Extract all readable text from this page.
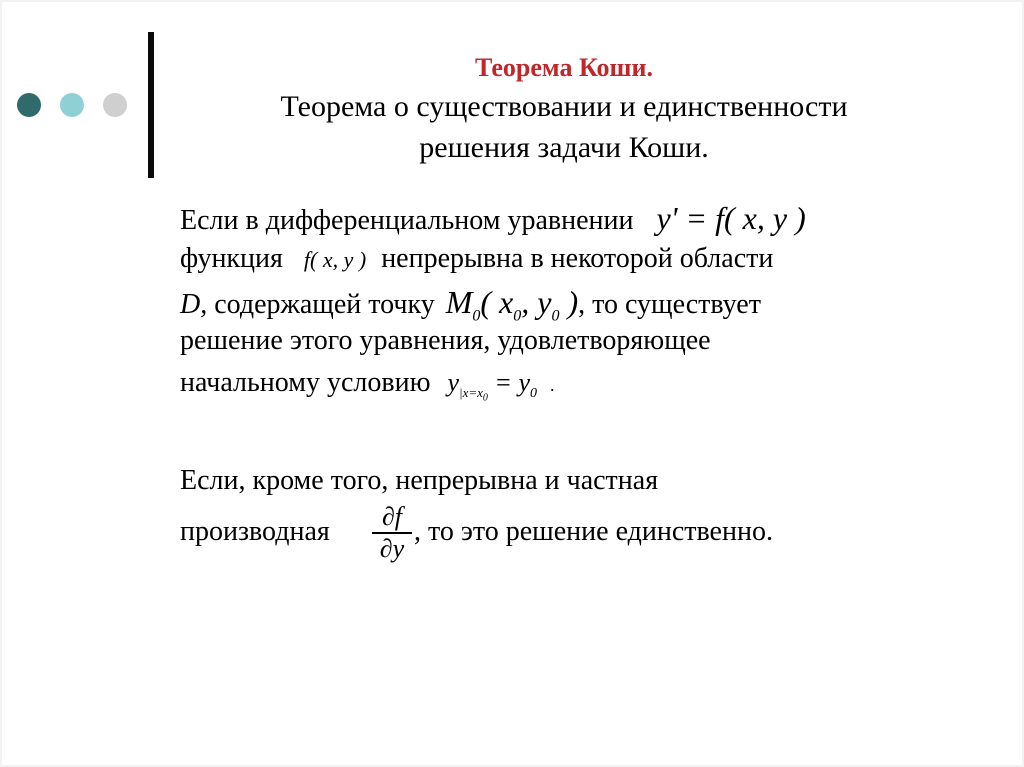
Теорема Коши.
Теорема о существовании и единственности
решения задачи Коши.
Если в дифференциальном уравнении y' = f( x, y )
функция f( x, y ) непрерывна в некоторой области
D, содержащей точку $M_0$( $x_0$, $y_0$ ), то существует
решение этого уравнения, удовлетворяющее
начальному условию $y_{|x=x_0} = y_0$ .
Если, кроме того, непрерывна и частная
производная	∂f
∂y
, то это решение единственно.
